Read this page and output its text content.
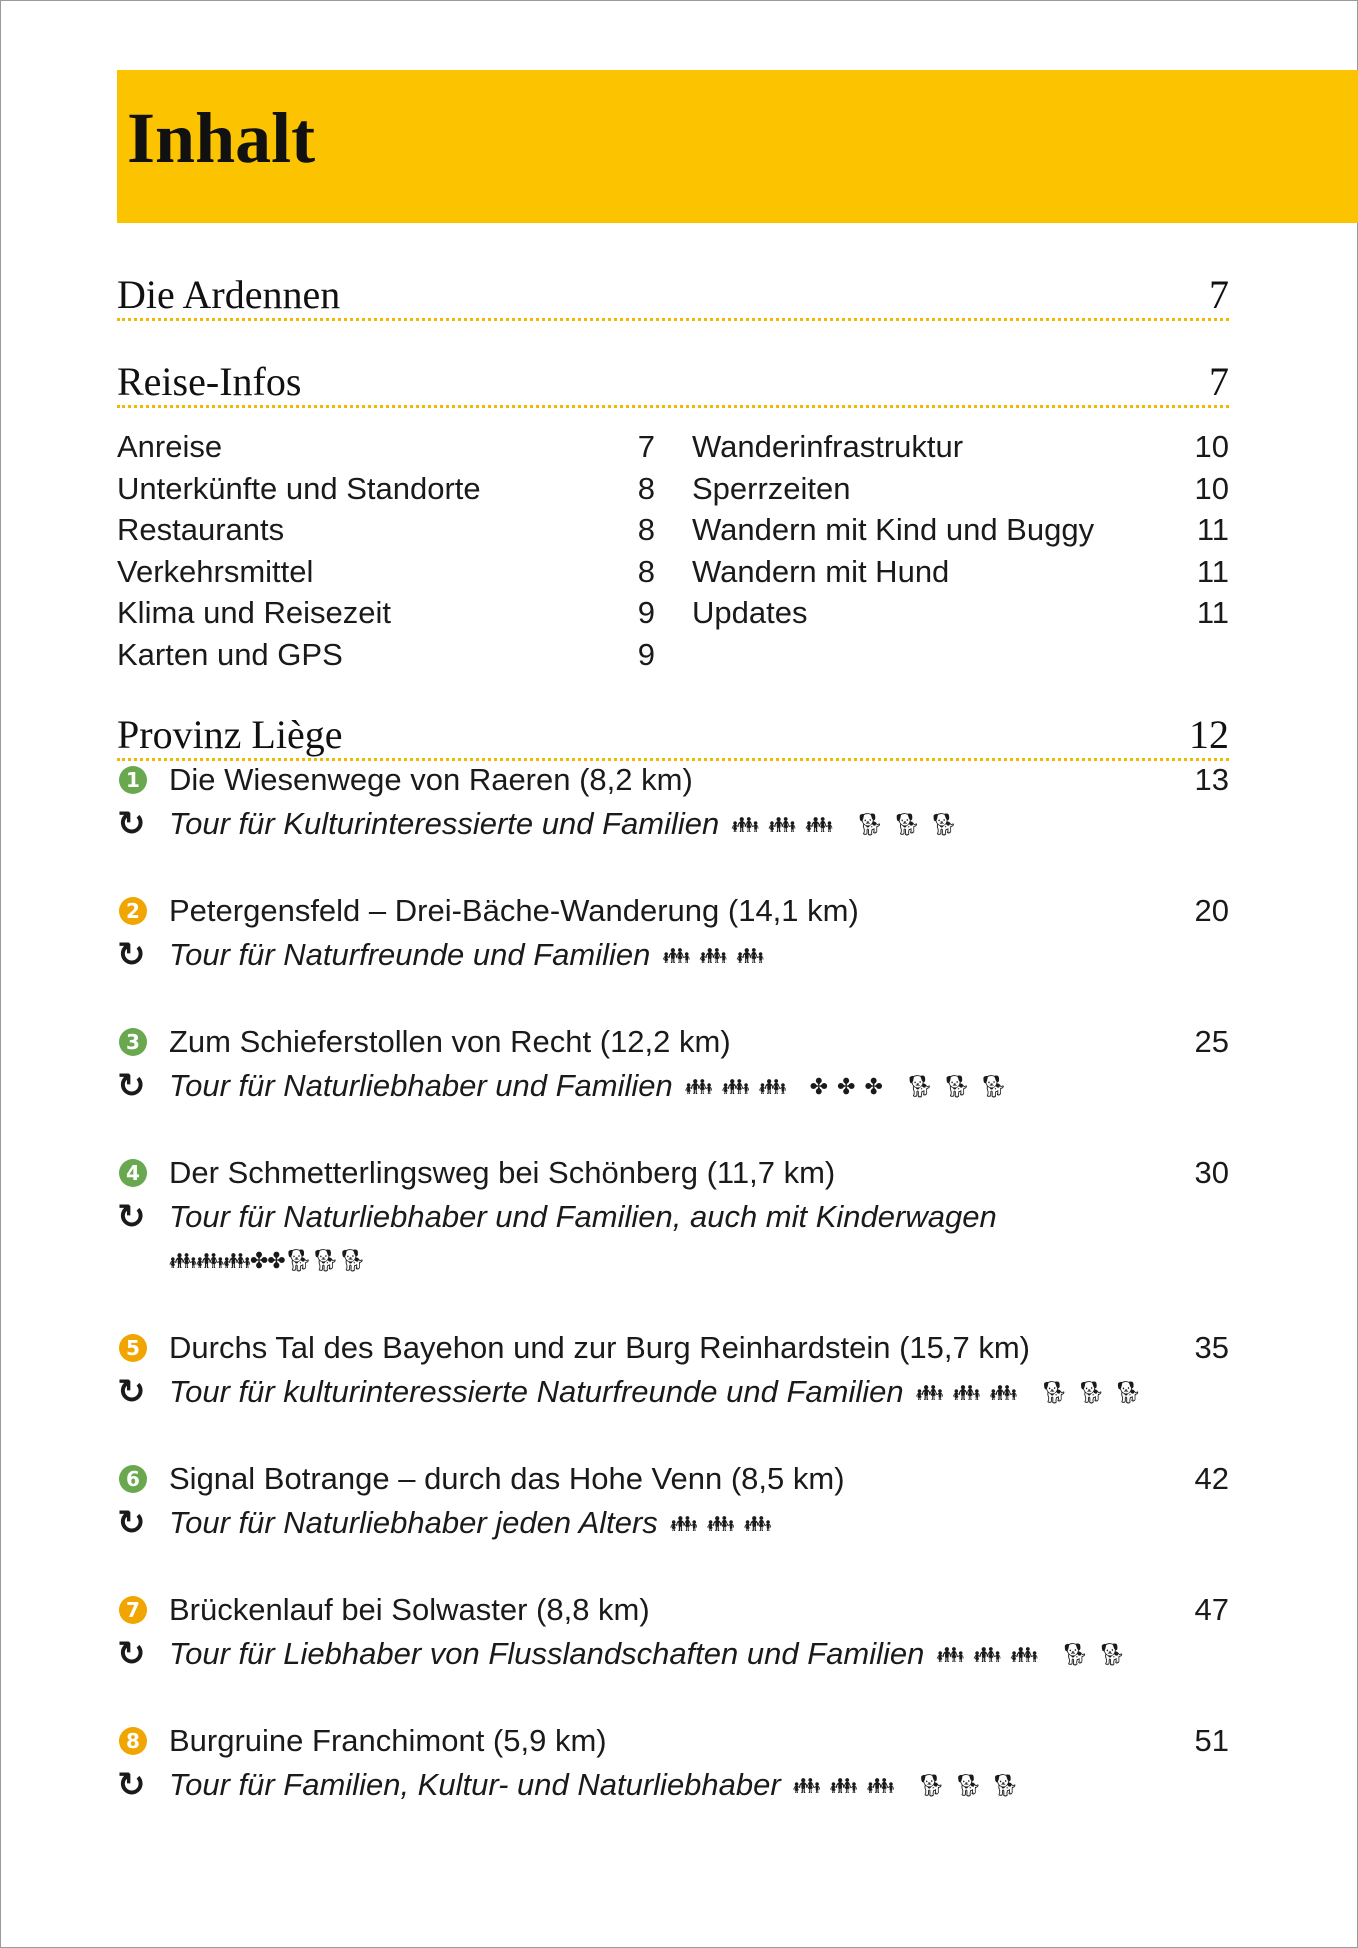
Inhalt
Die Ardennen	7
Reise-Infos	7
Anreise	7
Unterkünfte und Standorte	8
Restaurants	8
Verkehrsmittel	8
Klima und Reisezeit	9
Karten und GPS	9
Wanderinfrastruktur	10
Sperrzeiten	10
Wandern mit Kind und Buggy	11
Wandern mit Hund	11
Updates	11
Provinz Liège	12
1 Die Wiesenwege von Raeren (8,2 km)	13
↻ Tour für Kulturinteressierte und Familien 👪︎ 👪︎ 👪︎ 🐕︎ 🐕︎ 🐕︎
2 Petergensfeld – Drei-Bäche-Wanderung (14,1 km)	20
↻ Tour für Naturfreunde und Familien 👪︎ 👪︎ 👪︎
3 Zum Schieferstollen von Recht (12,2 km)	25
↻ Tour für Naturliebhaber und Familien 👪︎ 👪︎ 👪︎ ✤ ✤ ✤ 🐕︎ 🐕︎ 🐕︎
4 Der Schmetterlingsweg bei Schönberg (11,7 km)	30
↻ Tour für Naturliebhaber und Familien, auch mit Kinderwagen
👪︎👪︎👪︎✤✤🐕︎🐕︎🐕︎
5 Durchs Tal des Bayehon und zur Burg Reinhardstein (15,7 km)	35
↻ Tour für kulturinteressierte Naturfreunde und Familien 👪︎ 👪︎ 👪︎ 🐕︎ 🐕︎ 🐕︎
6 Signal Botrange – durch das Hohe Venn (8,5 km)	42
↻ Tour für Naturliebhaber jeden Alters 👪︎ 👪︎ 👪︎
7 Brückenlauf bei Solwaster (8,8 km)	47
↻ Tour für Liebhaber von Flusslandschaften und Familien 👪︎ 👪︎ 👪︎ 🐕︎ 🐕︎
8 Burgruine Franchimont (5,9 km)	51
↻ Tour für Familien, Kultur- und Naturliebhaber 👪︎ 👪︎ 👪︎ 🐕︎ 🐕︎ 🐕︎
